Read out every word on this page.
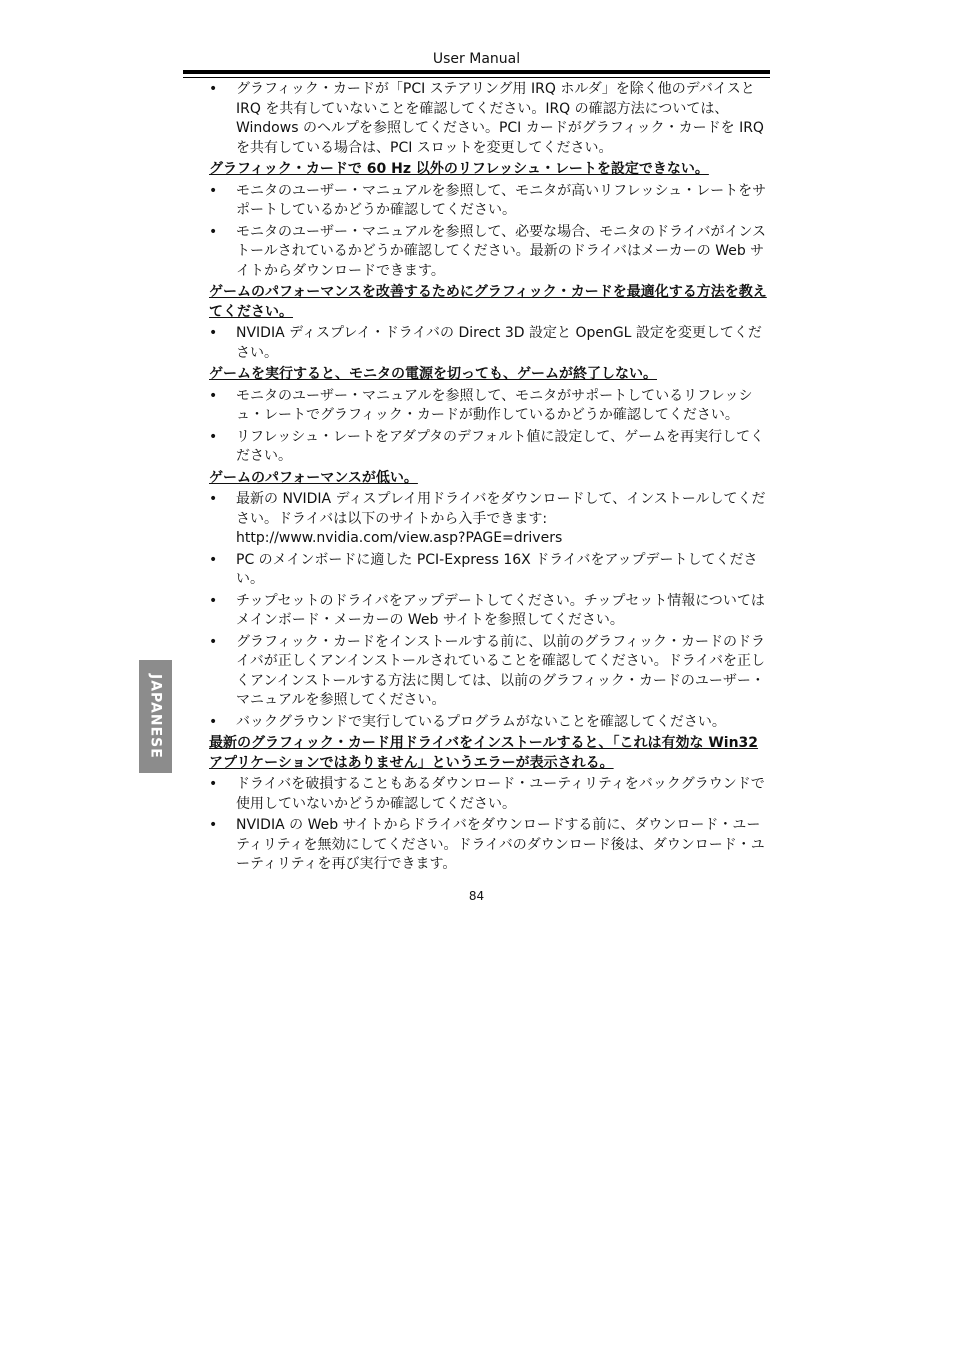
User Manual
• グラフィック・カードが「PCI ステアリング用 IRQ ホルダ」を除く他のデバイスと IRQ を共有していないことを確認してください。IRQ の確認方法については、Windows のヘルプを参照してください。PCI カードがグラフィック・カードを IRQ を共有している場合は、PCI スロットを変更してください。
グラフィック・カードで 60 Hz 以外のリフレッシュ・レートを設定できない。
• モニタのユーザー・マニュアルを参照して、モニタが高いリフレッシュ・レートをサポートしているかどうか確認してください。
• モニタのユーザー・マニュアルを参照して、必要な場合、モニタのドライバがインストールされているかどうか確認してください。最新のドライバはメーカーの Web サイトからダウンロードできます。
ゲームのパフォーマンスを改善するためにグラフィック・カードを最適化する方法を教えてください。
• NVIDIA ディスプレイ・ドライバの Direct 3D 設定と OpenGL 設定を変更してください。
ゲームを実行すると、モニタの電源を切っても、ゲームが終了しない。
• モニタのユーザー・マニュアルを参照して、モニタがサポートしているリフレッシュ・レートでグラフィック・カードが動作しているかどうか確認してください。
• リフレッシュ・レートをアダプタのデフォルト値に設定して、ゲームを再実行してください。
ゲームのパフォーマンスが低い。
• 最新の NVIDIA ディスプレイ用ドライバをダウンロードして、インストールしてください。ドライバは以下のサイトから入手できます: http://www.nvidia.com/view.asp?PAGE=drivers
• PC のメインボードに適した PCI-Express 16X ドライバをアップデートしてください。
• チップセットのドライバをアップデートしてください。チップセット情報についてはメインボード・メーカーの Web サイトを参照してください。
• グラフィック・カードをインストールする前に、以前のグラフィック・カードのドライバが正しくアンインストールされていることを確認してください。ドライバを正しくアンインストールする方法に関しては、以前のグラフィック・カードのユーザー・マニュアルを参照してください。
• バックグラウンドで実行しているプログラムがないことを確認してください。
最新のグラフィック・カード用ドライバをインストールすると、「これは有効な Win32 アプリケーションではありません」というエラーが表示される。
• ドライバを破損することもあるダウンロード・ユーティリティをバックグラウンドで使用していないかどうか確認してください。
• NVIDIA の Web サイトからドライバをダウンロードする前に、ダウンロード・ユーティリティを無効にしてください。ドライバのダウンロード後は、ダウンロード・ユーティリティを再び実行できます。
JAPANESE
84
